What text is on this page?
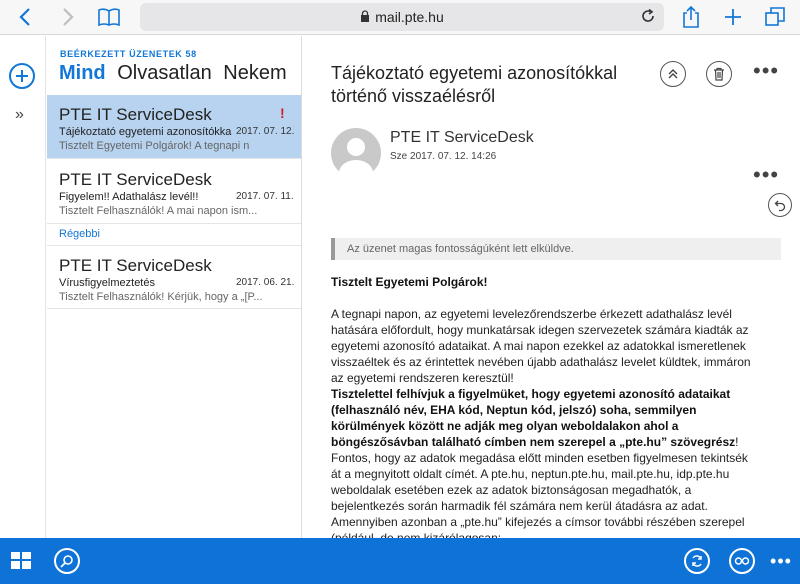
mail.pte.hu
»
BEÉRKEZETT ÜZENETEK 58
Mind Olvasatlan Nekem
PTE IT ServiceDesk	!
Tájékoztató egyetemi azonosítókka 2017. 07. 12.
Tisztelt Egyetemi Polgárok! A tegnapi n
PTE IT ServiceDesk
Figyelem!! Adathalász levél!!	2017. 07. 11.
Tisztelt Felhasználók! A mai napon ism...
Régebbi
PTE IT ServiceDesk
Vírusfigyelmeztetés	2017. 06. 21.
Tisztelt Felhasználók! Kérjük, hogy a „[P...
Tájékoztató egyetemi azonosítókkal történő visszaélésről
•••
PTE IT ServiceDesk
Sze 2017. 07. 12. 14:26
•••
Az üzenet magas fontosságúként lett elküldve.
Tisztelt Egyetemi Polgárok!

A tegnapi napon, az egyetemi levelezőrendszerbe érkezett adathalász levél hatására előfordult, hogy munkatársak idegen szervezetek számára kiadták az egyetemi azonosító adataikat. A mai napon ezekkel az adatokkal ismeretlenek visszaéltek és az érintettek nevében újabb adathalász levelet küldtek, immáron az egyetemi rendszeren keresztül!

Tisztelettel felhívjuk a figyelmüket, hogy egyetemi azonosító adataikat (felhasználó név, EHA kód, Neptun kód, jelszó) soha, semmilyen körülmények között ne adják meg olyan weboldalakon ahol a böngészősávban található címben nem szerepel a „pte.hu” szövegrész! Fontos, hogy az adatok megadása előtt minden esetben figyelmesen tekintsék át a megnyitott oldalt címét. A pte.hu, neptun.pte.hu, mail.pte.hu, idp.pte.hu weboldalak esetében ezek az adatok biztonságosan megadhatók, a bejelentkezés során harmadik fél számára nem kerül átadásra az adat. Amennyiben azonban a „pte.hu” kifejezés a címsor további részében szerepel

•••
